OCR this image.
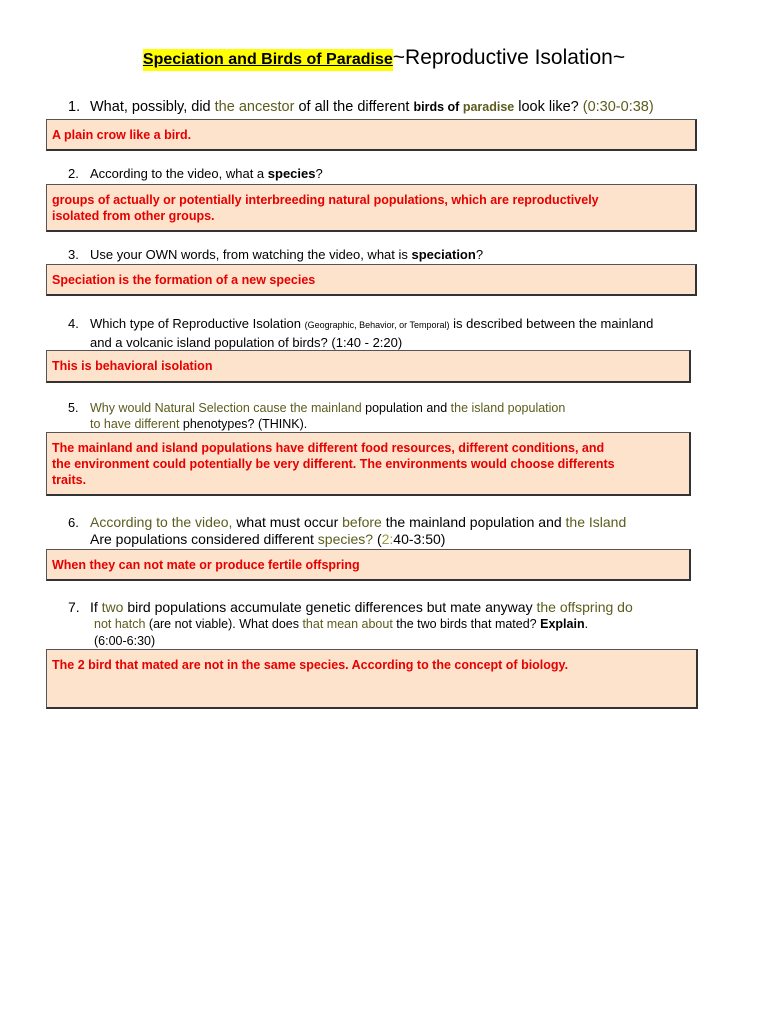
Speciation and Birds of Paradise~Reproductive Isolation~
1. What, possibly, did the ancestor of all the different birds of paradise look like? (0:30-0:38)
A plain crow like a bird.
2. According to the video, what a species?
groups of actually or potentially interbreeding natural populations, which are reproductively
isolated from other groups.
3. Use your OWN words, from watching the video, what is speciation?
Speciation is the formation of a new species
4. Which type of Reproductive Isolation (Geographic, Behavior, or Temporal) is described between the mainland
and a volcanic island population of birds? (1:40 - 2:20)
This is behavioral isolation
5. Why would Natural Selection cause the mainland population and the island population
to have different phenotypes? (THINK).
The mainland and island populations have different food resources, different conditions, and
the environment could potentially be very different. The environments would choose differents
traits.
6. According to the video, what must occur before the mainland population and the Island
Are populations considered different species? (2:40-3:50)
When they can not mate or produce fertile offspring
7. If two bird populations accumulate genetic differences but mate anyway the offspring do
not hatch (are not viable). What does that mean about the two birds that mated? Explain.
(6:00-6:30)
The 2 bird that mated are not in the same species. According to the concept of biology.
